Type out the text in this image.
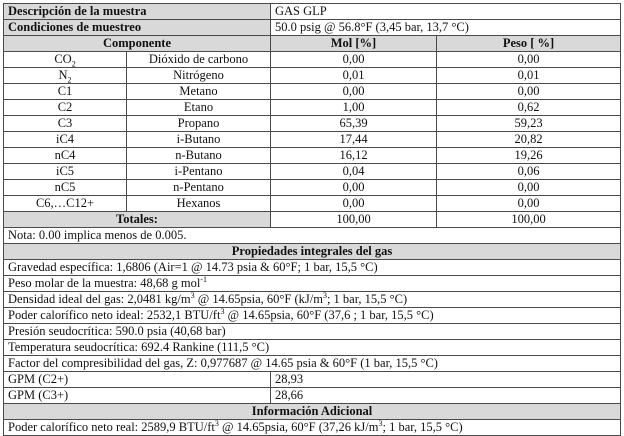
Descripción de la muestra		GAS GLP	
Condiciones de muestreo		50.0 psig @ 56.8°F (3,45 bar, 13,7 °C)	
Componente		Mol [%]	Peso [ %]
$CO_2$	Dióxido de carbono	0,00	0,00
$N_2$	Nitrógeno	0,01	0,01
C1	Metano	0,00	0,00
C2	Etano	1,00	0,62
C3	Propano	65,39	59,23
iC4	i-Butano	17,44	20,82
nC4	n-Butano	16,12	19,26
iC5	i-Pentano	0,04	0,06
nC5	n-Pentano	0,00	0,00
C6,…C12+	Hexanos	0,00	0,00
Totales:		100,00	100,00
Nota: 0.00 implica menos de 0.005.			
Propiedades integrales del gas			
Gravedad específica: 1,6806 (Air=1 @ 14.73 psia & 60°F; 1 bar, 15,5 °C)			
Peso molar de la muestra: 48,68 g mol$^{-1}$
Densidad ideal del gas: 2,0481 $kg/m^3$ @ 14.65psia, 60°F ($kJ/m^3$; 1 bar, 15,5 °C)			
Poder calorífico neto ideal: 2532,1 BTU/$ft^3$ @ 14.65psia, 60°F (37,6 ; 1 bar, 15,5 °C)			
Presión seudocrítica: 590.0 psia (40,68 bar)			
Temperatura seudocrítica: 692.4 Rankine (111,5 °C)			
Factor del compresibilidad del gas, Z: 0,977687 @ 14.65 psia & 60°F (1 bar, 15,5 °C)			
GPM (C2+)		28,93	
GPM (C3+)		28,66	
Información Adicional			
Poder calorífico neto real: 2589,9 BTU/$ft^3$ @ 14.65psia, 60°F (37,26 $kJ/m^3$; 1 bar, 15,5 °C)			
